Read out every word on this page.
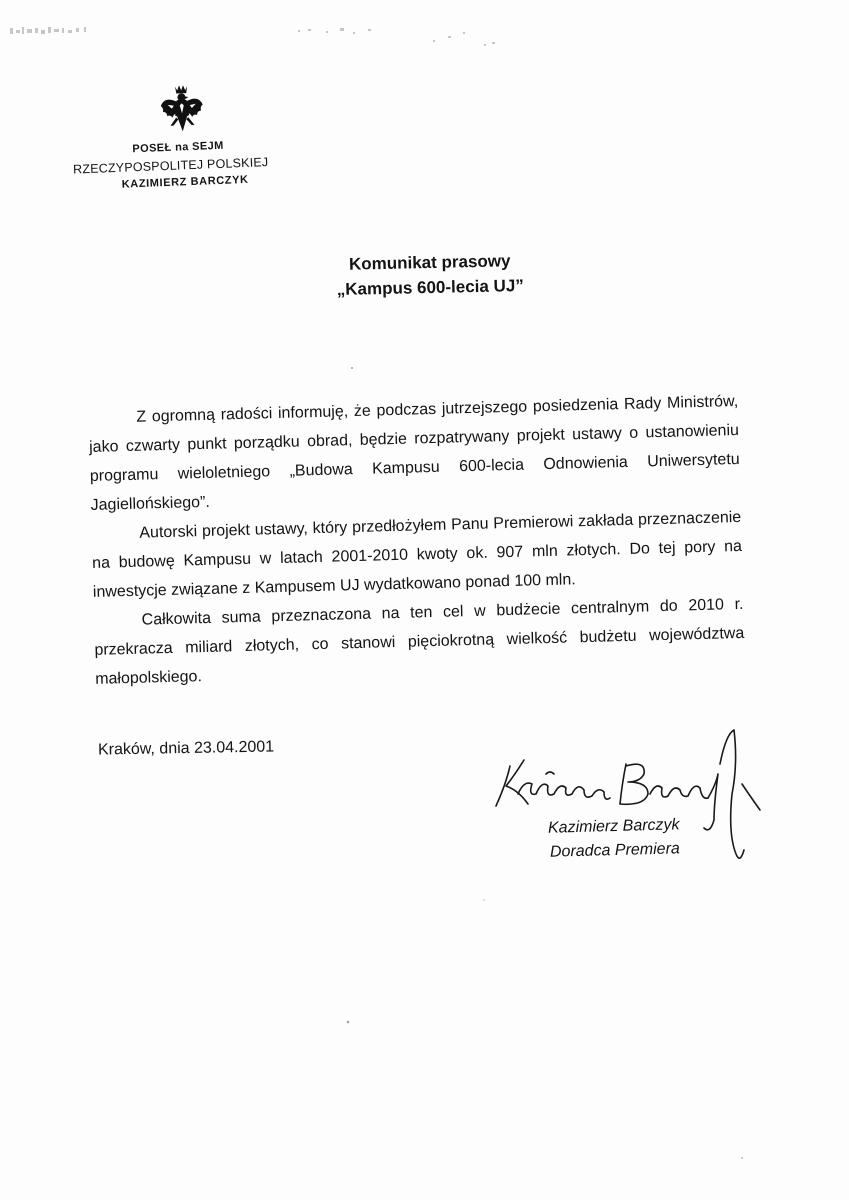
POSEŁ na SEJM
RZECZYPOSPOLITEJ POLSKIEJ
KAZIMIERZ BARCZYK
Komunikat prasowy
„Kampus 600-lecia UJ”

Z ogromną radości informuję, że podczas jutrzejszego posiedzenia Rady Ministrów, jako czwarty punkt porządku obrad, będzie rozpatrywany projekt ustawy o ustanowieniu programu wieloletniego „Budowa Kampusu 600-lecia Odnowienia Uniwersytetu Jagiellońskiego”.

Autorski projekt ustawy, który przedłożyłem Panu Premierowi zakłada przeznaczenie na budowę Kampusu w latach 2001-2010 kwoty ok. 907 mln złotych. Do tej pory na inwestycje związane z Kampusem UJ wydatkowano ponad 100 mln.

Całkowita suma przeznaczona na ten cel w budżecie centralnym do 2010 r. przekracza miliard złotych, co stanowi pięciokrotną wielkość budżetu województwa małopolskiego.

Kraków, dnia 23.04.2001
Kazimierz Barczyk
Doradca Premiera
